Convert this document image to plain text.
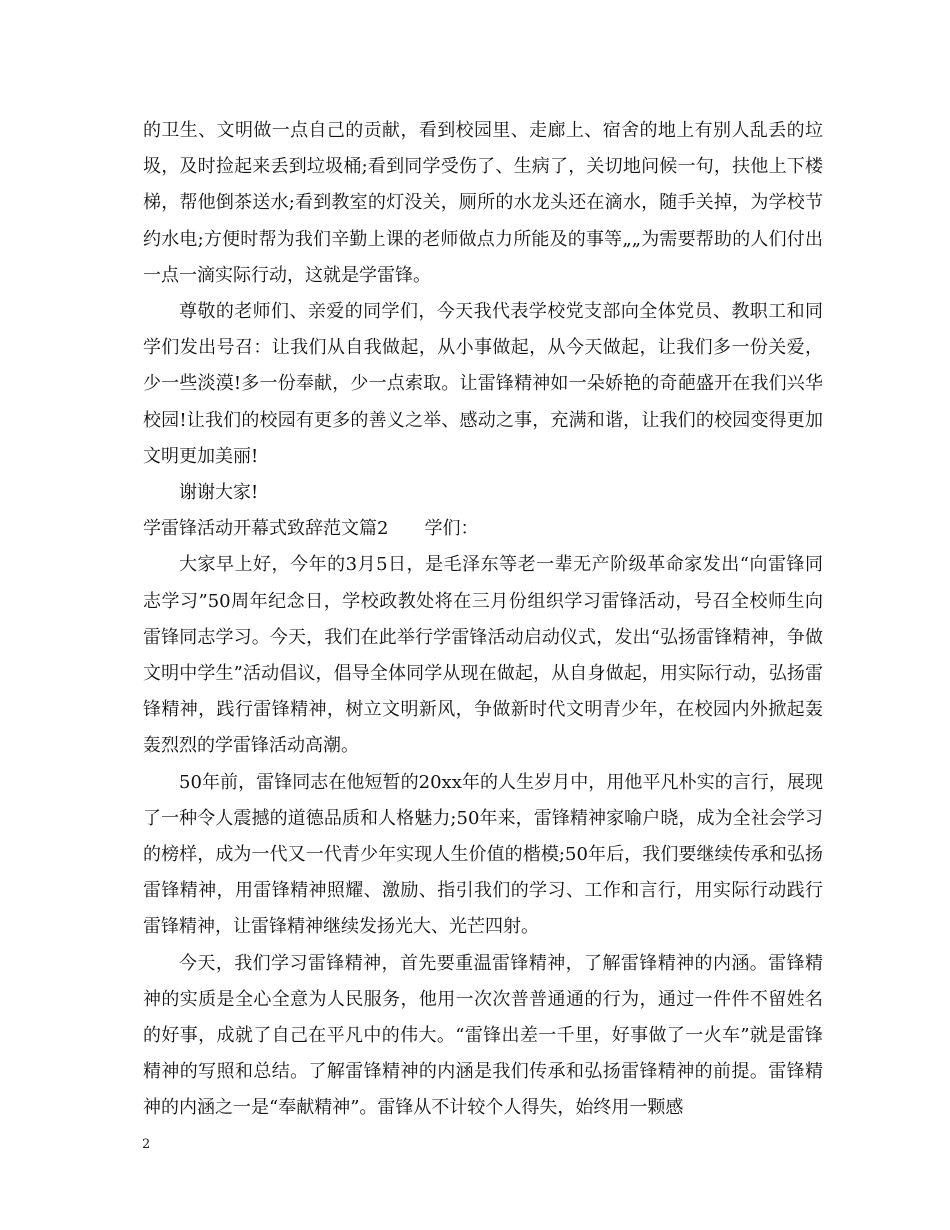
的卫生、文明做一点自己的贡献，看到校园里、走廊上、宿舍的地上有别人乱丢的垃圾，及时捡起来丢到垃圾桶;看到同学受伤了、生病了，关切地问候一句，扶他上下楼梯，帮他倒茶送水;看到教室的灯没关，厕所的水龙头还在滴水，随手关掉，为学校节约水电;方便时帮为我们辛勤上课的老师做点力所能及的事等„„为需要帮助的人们付出一点一滴实际行动，这就是学雷锋。

尊敬的老师们、亲爱的同学们，今天我代表学校党支部向全体党员、教职工和同学们发出号召：让我们从自我做起，从小事做起，从今天做起，让我们多一份关爱，少一些淡漠!多一份奉献，少一点索取。让雷锋精神如一朵娇艳的奇葩盛开在我们兴华校园!让我们的校园有更多的善义之举、感动之事，充满和谐，让我们的校园变得更加文明更加美丽!

谢谢大家!

学雷锋活动开幕式致辞范文篇2 学们：

大家早上好，今年的3月5日，是毛泽东等老一辈无产阶级革命家发出“向雷锋同志学习”50周年纪念日，学校政教处将在三月份组织学习雷锋活动，号召全校师生向雷锋同志学习。今天，我们在此举行学雷锋活动启动仪式，发出“弘扬雷锋精神，争做文明中学生”活动倡议，倡导全体同学从现在做起，从自身做起，用实际行动，弘扬雷锋精神，践行雷锋精神，树立文明新风，争做新时代文明青少年，在校园内外掀起轰轰烈烈的学雷锋活动高潮。

50年前，雷锋同志在他短暂的20xx年的人生岁月中，用他平凡朴实的言行，展现了一种令人震撼的道德品质和人格魅力;50年来，雷锋精神家喻户晓，成为全社会学习的榜样，成为一代又一代青少年实现人生价值的楷模;50年后，我们要继续传承和弘扬雷锋精神，用雷锋精神照耀、激励、指引我们的学习、工作和言行，用实际行动践行雷锋精神，让雷锋精神继续发扬光大、光芒四射。

今天，我们学习雷锋精神，首先要重温雷锋精神，了解雷锋精神的内涵。雷锋精神的实质是全心全意为人民服务，他用一次次普普通通的行为，通过一件件不留姓名的好事，成就了自己在平凡中的伟大。“雷锋出差一千里，好事做了一火车”就是雷锋精神的写照和总结。了解雷锋精神的内涵是我们传承和弘扬雷锋精神的前提。雷锋精神的内涵之一是“奉献精神”。雷锋从不计较个人得失，始终用一颗感

2
